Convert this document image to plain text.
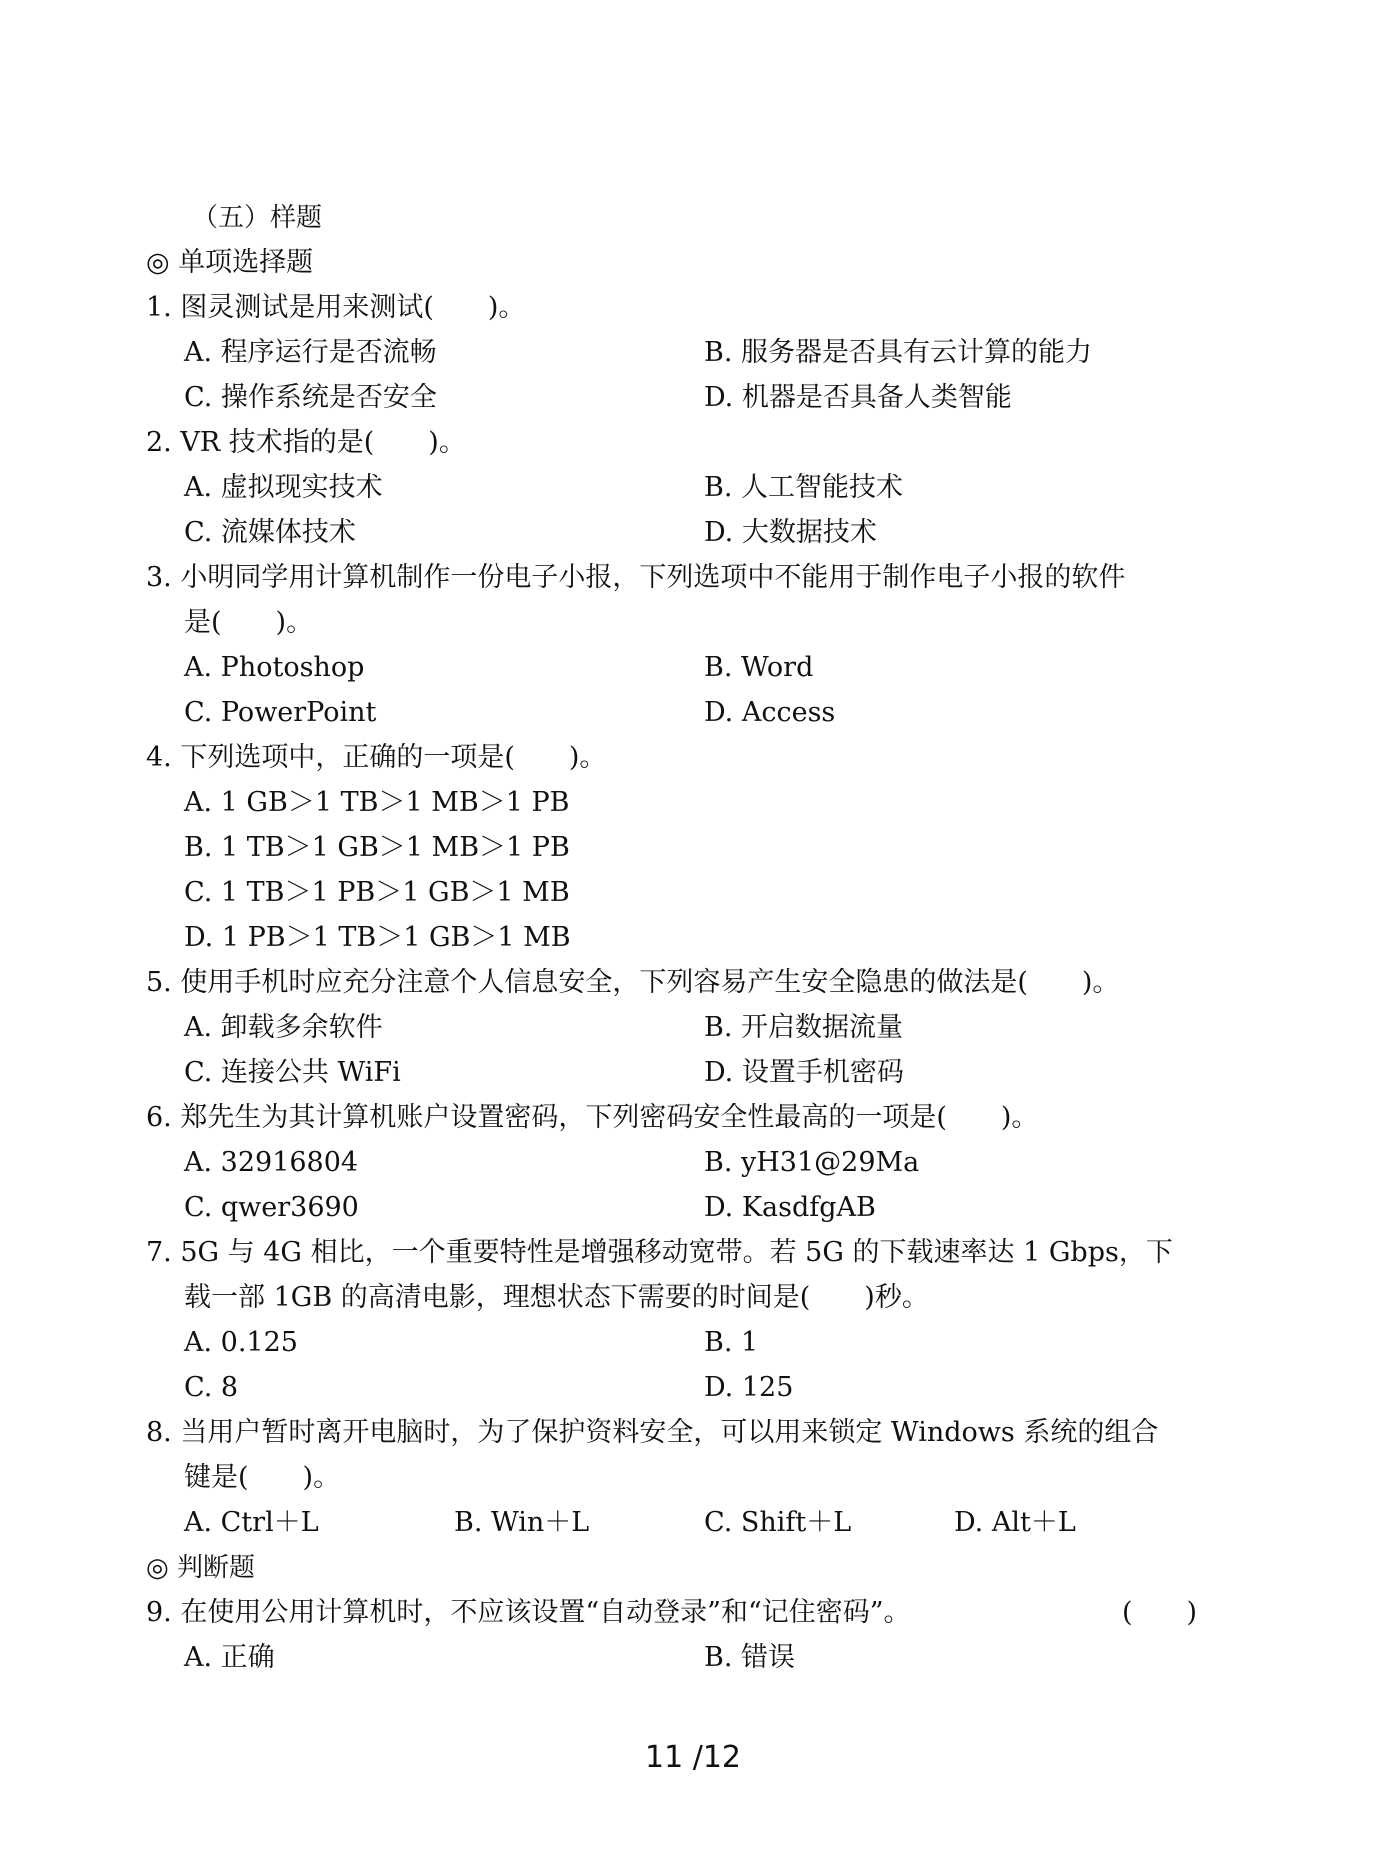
（五）样题
◎ 单项选择题
1. 图灵测试是用来测试(　　)。
A. 程序运行是否流畅	B. 服务器是否具有云计算的能力
C. 操作系统是否安全	D. 机器是否具备人类智能
2. VR 技术指的是(　　)。
A. 虚拟现实技术	B. 人工智能技术
C. 流媒体技术	D. 大数据技术
3. 小明同学用计算机制作一份电子小报，下列选项中不能用于制作电子小报的软件
是(　　)。
A. Photoshop	B. Word
C. PowerPoint	D. Access
4. 下列选项中，正确的一项是(　　)。
A. 1 GB＞1 TB＞1 MB＞1 PB
B. 1 TB＞1 GB＞1 MB＞1 PB
C. 1 TB＞1 PB＞1 GB＞1 MB
D. 1 PB＞1 TB＞1 GB＞1 MB
5. 使用手机时应充分注意个人信息安全，下列容易产生安全隐患的做法是(　　)。
A. 卸载多余软件	B. 开启数据流量
C. 连接公共 WiFi	D. 设置手机密码
6. 郑先生为其计算机账户设置密码，下列密码安全性最高的一项是(　　)。
A. 32916804	B. yH31@29Ma
C. qwer3690	D. KasdfgAB
7. 5G 与 4G 相比，一个重要特性是增强移动宽带。若 5G 的下载速率达 1 Gbps，下
载一部 1GB 的高清电影，理想状态下需要的时间是(　　)秒。
A. 0.125	B. 1
C. 8	D. 125
8. 当用户暂时离开电脑时，为了保护资料安全，可以用来锁定 Windows 系统的组合
键是(　　)。
A. Ctrl＋L	B. Win＋L	C. Shift＋L	D. Alt＋L
◎ 判断题
9. 在使用公用计算机时，不应该设置“自动登录”和“记住密码”。	(　　)
A. 正确	B. 错误
11 /12
